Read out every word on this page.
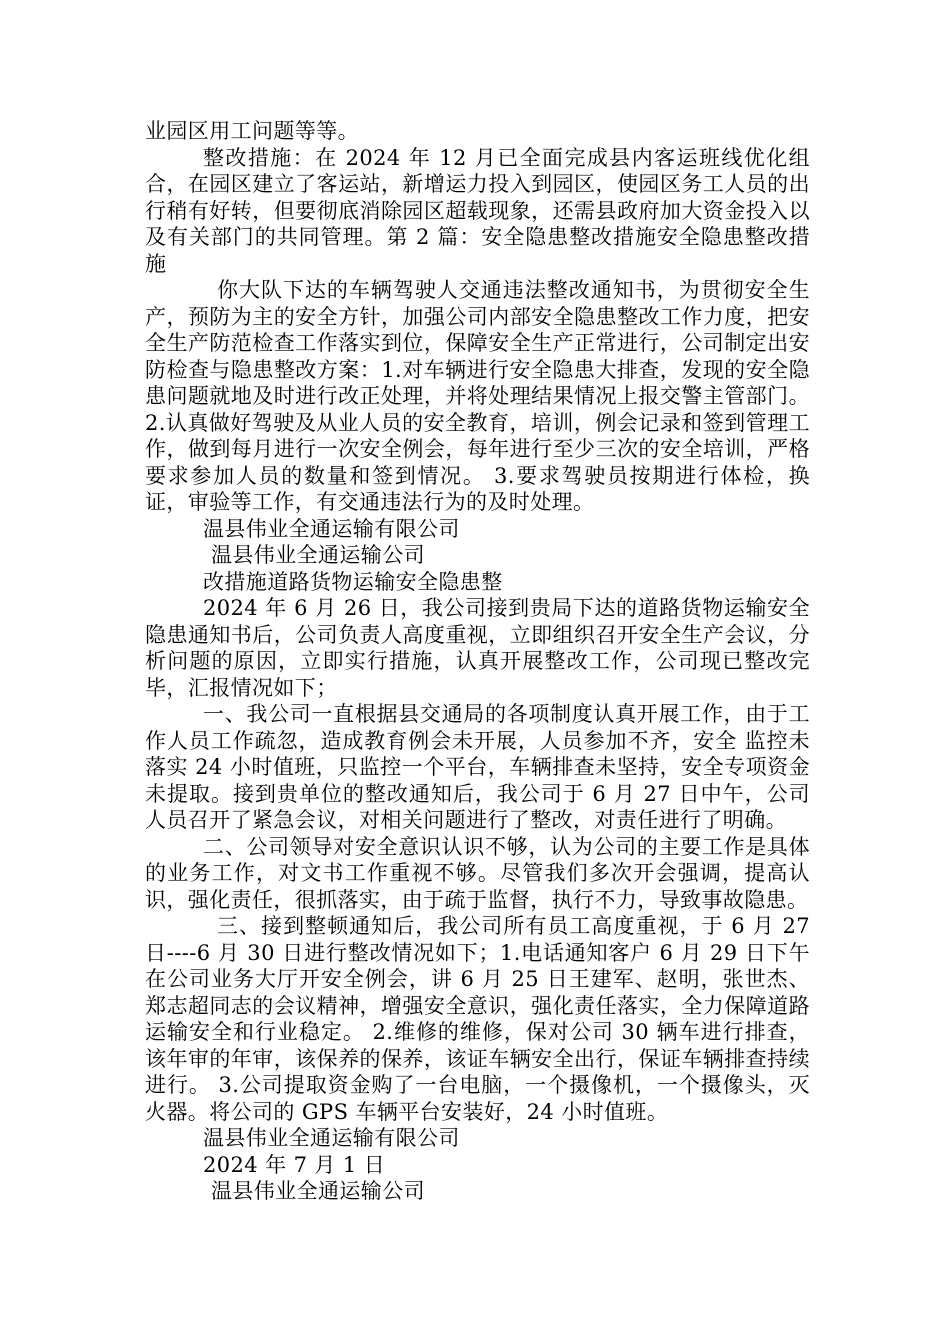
业园区用工问题等等。

整改措施：在 2024 年 12 月已全面完成县内客运班线优化组合，在园区建立了客运站，新增运力投入到园区，使园区务工人员的出行稍有好转，但要彻底消除园区超载现象，还需县政府加大资金投入以及有关部门的共同管理。第 2 篇：安全隐患整改措施安全隐患整改措施

你大队下达的车辆驾驶人交通违法整改通知书，为贯彻安全生产，预防为主的安全方针，加强公司内部安全隐患整改工作力度，把安全生产防范检查工作落实到位，保障安全生产正常进行，公司制定出安防检查与隐患整改方案：1.对车辆进行安全隐患大排查，发现的安全隐患问题就地及时进行改正处理，并将处理结果情况上报交警主管部门。 2.认真做好驾驶及从业人员的安全教育，培训，例会记录和签到管理工作，做到每月进行一次安全例会，每年进行至少三次的安全培训，严格要求参加人员的数量和签到情况。 3.要求驾驶员按期进行体检，换证，审验等工作，有交通违法行为的及时处理。

温县伟业全通运输有限公司

温县伟业全通运输公司

改措施道路货物运输安全隐患整

2024 年 6 月 26 日，我公司接到贵局下达的道路货物运输安全隐患通知书后，公司负责人高度重视，立即组织召开安全生产会议，分析问题的原因，立即实行措施，认真开展整改工作，公司现已整改完毕，汇报情况如下；

一、我公司一直根据县交通局的各项制度认真开展工作，由于工作人员工作疏忽，造成教育例会未开展，人员参加不齐，安全 监控未落实 24 小时值班，只监控一个平台，车辆排查未坚持，安全专项资金未提取。接到贵单位的整改通知后，我公司于 6 月 27 日中午，公司人员召开了紧急会议，对相关问题进行了整改，对责任进行了明确。

二、公司领导对安全意识认识不够，认为公司的主要工作是具体的业务工作，对文书工作重视不够。尽管我们多次开会强调，提高认识，强化责任，很抓落实，由于疏于监督，执行不力，导致事故隐患。

三、接到整顿通知后，我公司所有员工高度重视，于 6 月 27 日----6 月 30 日进行整改情况如下；1.电话通知客户 6 月 29 日下午在公司业务大厅开安全例会，讲 6 月 25 日王建军、赵明，张世杰、郑志超同志的会议精神，增强安全意识，强化责任落实，全力保障道路运输安全和行业稳定。 2.维修的维修，保对公司 30 辆车进行排查，该年审的年审，该保养的保养，该证车辆安全出行，保证车辆排查持续进行。 3.公司提取资金购了一台电脑，一个摄像机，一个摄像头，灭火器。将公司的 GPS 车辆平台安装好，24 小时值班。

温县伟业全通运输有限公司

2024 年 7 月 1 日

温县伟业全通运输公司
